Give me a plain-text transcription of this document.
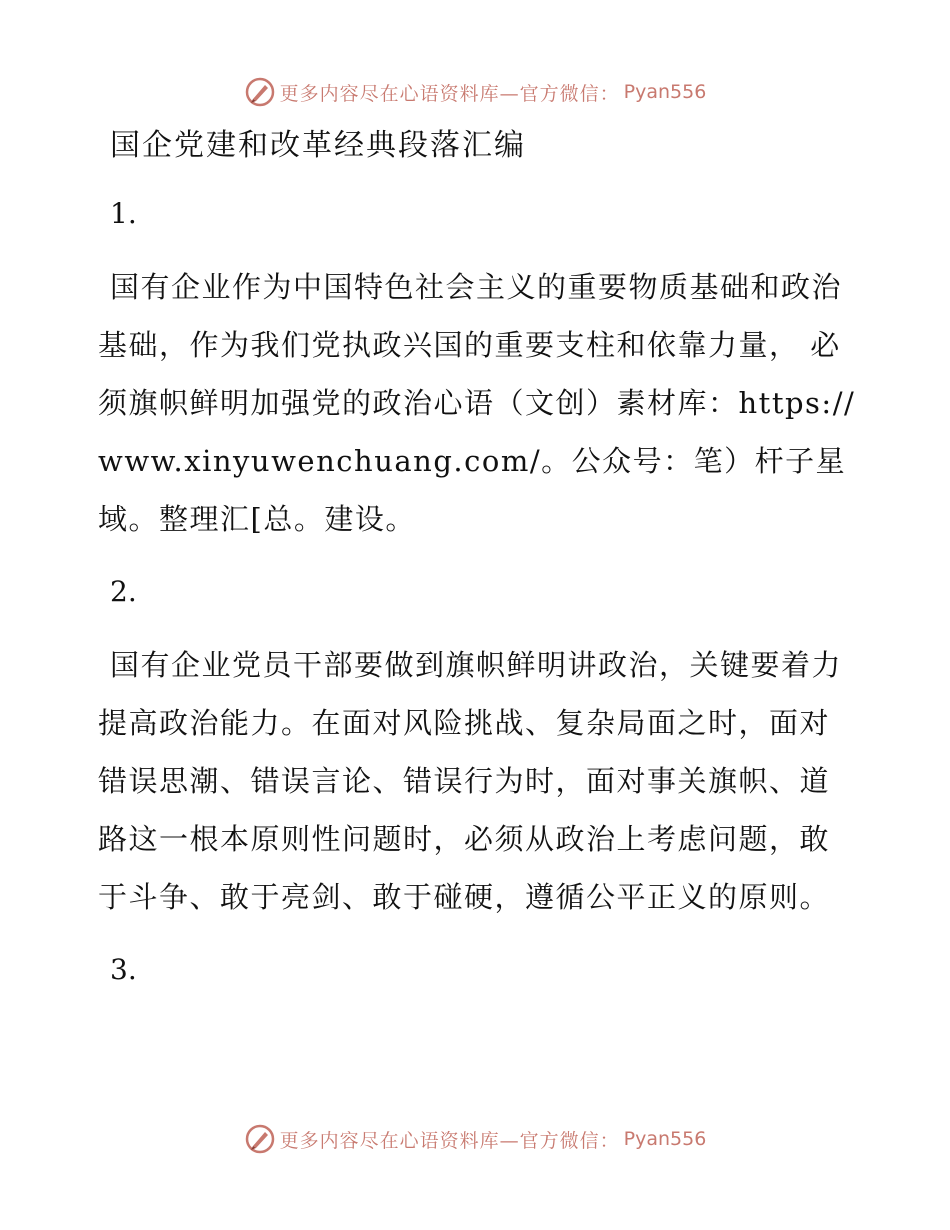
更多内容尽在心语资料库—官方微信： Pyan556
国企党建和改革经典段落汇编
1.
国有企业作为中国特色社会主义的重要物质基础和政治基础，作为我们党执政兴国的重要支柱和依靠力量， 必须旗帜鲜明加强党的政治心语（文创）素材库：https://www.xinyuwenchuang.com/。公众号：笔）杆子星域。整理汇[总。建设。
2.
国有企业党员干部要做到旗帜鲜明讲政治，关键要着力提高政治能力。在面对风险挑战、复杂局面之时，面对错误思潮、错误言论、错误行为时，面对事关旗帜、道路这一根本原则性问题时，必须从政治上考虑问题，敢于斗争、敢于亮剑、敢于碰硬，遵循公平正义的原则。
3.
更多内容尽在心语资料库—官方微信： Pyan556
